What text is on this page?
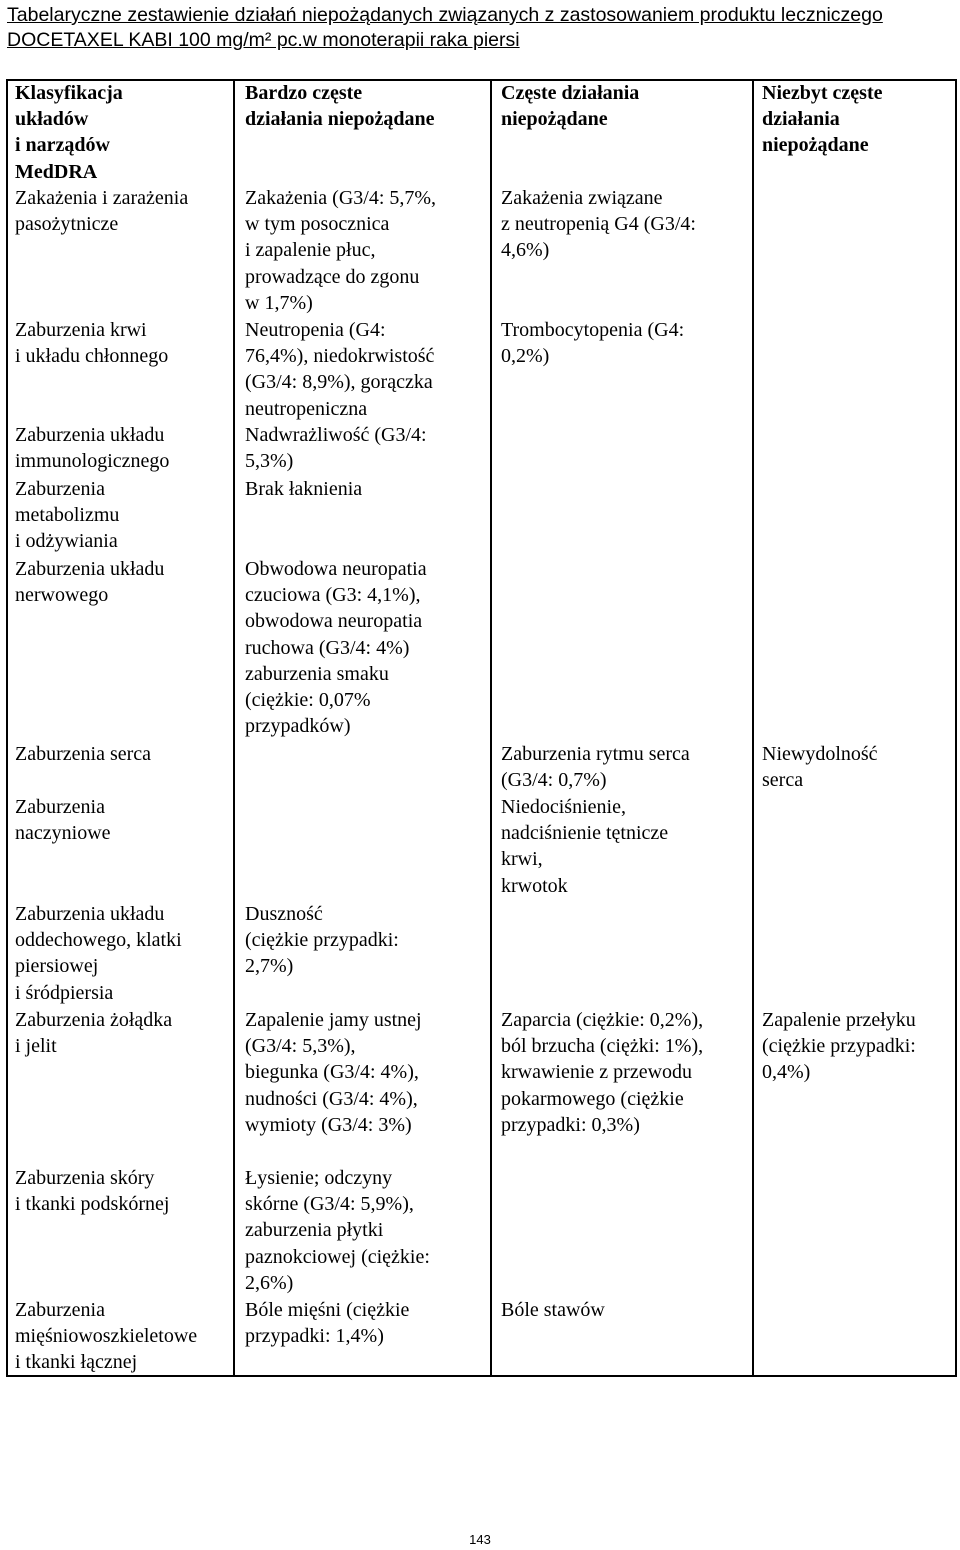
Tabelaryczne zestawienie działań niepożądanych związanych z zastosowaniem produktu leczniczego
DOCETAXEL KABI 100 mg/m² pc.w monoterapii raka piersi
Klasyfikacja
układów
i narządów
MedDRA
Bardzo częste
działania niepożądane
Częste działania
niepożądane
Niezbyt częste
działania
niepożądane
Zakażenia i zarażenia
pasożytnicze
Zakażenia (G3/4: 5,7%,
w tym posocznica
i zapalenie płuc,
prowadzące do zgonu
w 1,7%)
Zakażenia związane
z neutropenią G4 (G3/4:
4,6%)
Zaburzenia krwi
i układu chłonnego
Neutropenia (G4:
76,4%), niedokrwistość
(G3/4: 8,9%), gorączka
neutropeniczna
Trombocytopenia (G4:
0,2%)
Zaburzenia układu
immunologicznego
Nadwrażliwość (G3/4:
5,3%)
Zaburzenia
metabolizmu
i odżywiania
Brak łaknienia
Zaburzenia układu
nerwowego
Obwodowa neuropatia
czuciowa (G3: 4,1%),
obwodowa neuropatia
ruchowa (G3/4: 4%)
zaburzenia smaku
(ciężkie: 0,07%
przypadków)
Zaburzenia serca	Zaburzenia rytmu serca
(G3/4: 0,7%)
Niewydolność
serca
Zaburzenia
naczyniowe
Niedociśnienie,
nadciśnienie tętnicze
krwi,
krwotok
Zaburzenia układu
oddechowego, klatki
piersiowej
i śródpiersia
Duszność
(ciężkie przypadki:
2,7%)
Zaburzenia żołądka
i jelit
Zapalenie jamy ustnej
(G3/4: 5,3%),
biegunka (G3/4: 4%),
nudności (G3/4: 4%),
wymioty (G3/4: 3%)
Zaparcia (ciężkie: 0,2%),
ból brzucha (ciężki: 1%),
krwawienie z przewodu
pokarmowego (ciężkie
przypadki: 0,3%)
Zapalenie przełyku
(ciężkie przypadki:
0,4%)
Zaburzenia skóry
i tkanki podskórnej
Łysienie; odczyny
skórne (G3/4: 5,9%),
zaburzenia płytki
paznokciowej (ciężkie:
2,6%)
Zaburzenia
mięśniowoszkieletowe
i tkanki łącznej
Bóle mięśni (ciężkie
przypadki: 1,4%)
Bóle stawów
143
